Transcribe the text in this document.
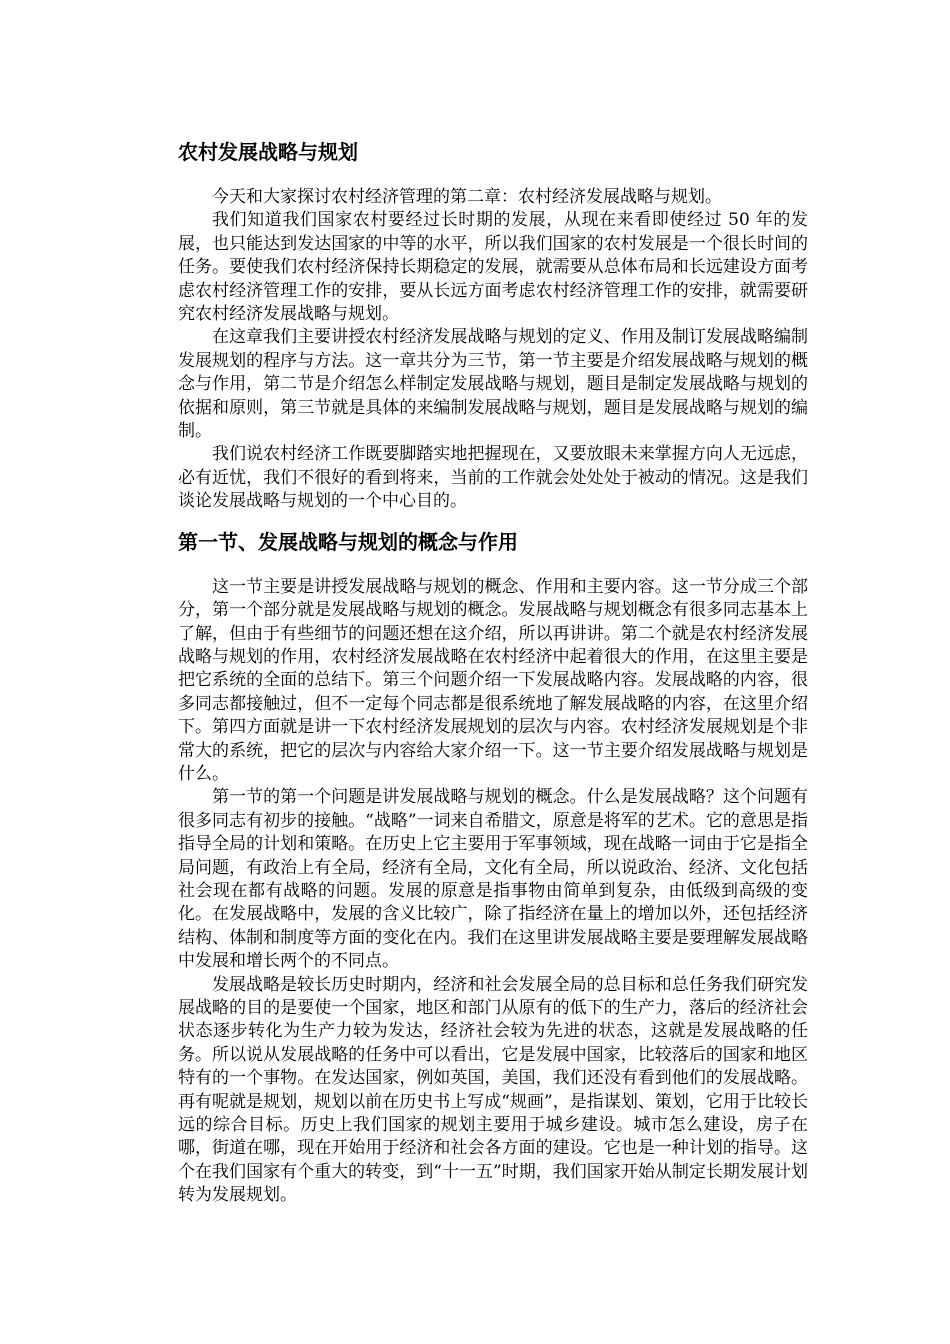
农村发展战略与规划

今天和大家探讨农村经济管理的第二章：农村经济发展战略与规划。

我们知道我们国家农村要经过长时期的发展，从现在来看即使经过 50 年的发展，也只能达到发达国家的中等的水平，所以我们国家的农村发展是一个很长时间的任务。要使我们农村经济保持长期稳定的发展，就需要从总体布局和长远建设方面考虑农村经济管理工作的安排，要从长远方面考虑农村经济管理工作的安排，就需要研究农村经济发展战略与规划。

在这章我们主要讲授农村经济发展战略与规划的定义、作用及制订发展战略编制发展规划的程序与方法。这一章共分为三节，第一节主要是介绍发展战略与规划的概念与作用，第二节是介绍怎么样制定发展战略与规划，题目是制定发展战略与规划的依据和原则，第三节就是具体的来编制发展战略与规划，题目是发展战略与规划的编制。

我们说农村经济工作既要脚踏实地把握现在，又要放眼未来掌握方向人无远虑，必有近忧，我们不很好的看到将来，当前的工作就会处处处于被动的情况。这是我们谈论发展战略与规划的一个中心目的。

第一节、发展战略与规划的概念与作用

这一节主要是讲授发展战略与规划的概念、作用和主要内容。这一节分成三个部分，第一个部分就是发展战略与规划的概念。发展战略与规划概念有很多同志基本上了解，但由于有些细节的问题还想在这介绍，所以再讲讲。第二个就是农村经济发展战略与规划的作用，农村经济发展战略在农村经济中起着很大的作用，在这里主要是把它系统的全面的总结下。第三个问题介绍一下发展战略内容。发展战略的内容，很多同志都接触过，但不一定每个同志都是很系统地了解发展战略的内容，在这里介绍下。第四方面就是讲一下农村经济发展规划的层次与内容。农村经济发展规划是个非常大的系统，把它的层次与内容给大家介绍一下。这一节主要介绍发展战略与规划是什么。

第一节的第一个问题是讲发展战略与规划的概念。什么是发展战略？这个问题有很多同志有初步的接触。“战略”一词来自希腊文，原意是将军的艺术。它的意思是指指导全局的计划和策略。在历史上它主要用于军事领域，现在战略一词由于它是指全局问题，有政治上有全局，经济有全局，文化有全局，所以说政治、经济、文化包括社会现在都有战略的问题。发展的原意是指事物由简单到复杂，由低级到高级的变化。在发展战略中，发展的含义比较广，除了指经济在量上的增加以外，还包括经济结构、体制和制度等方面的变化在内。我们在这里讲发展战略主要是要理解发展战略中发展和增长两个的不同点。

发展战略是较长历史时期内，经济和社会发展全局的总目标和总任务我们研究发展战略的目的是要使一个国家，地区和部门从原有的低下的生产力，落后的经济社会状态逐步转化为生产力较为发达，经济社会较为先进的状态，这就是发展战略的任务。所以说从发展战略的任务中可以看出，它是发展中国家，比较落后的国家和地区特有的一个事物。在发达国家，例如英国，美国，我们还没有看到他们的发展战略。再有呢就是规划，规划以前在历史书上写成“规画”，是指谋划、策划，它用于比较长远的综合目标。历史上我们国家的规划主要用于城乡建设。城市怎么建设，房子在哪，街道在哪，现在开始用于经济和社会各方面的建设。它也是一种计划的指导。这个在我们国家有个重大的转变，到“十一五”时期，我们国家开始从制定长期发展计划转为发展规划。
